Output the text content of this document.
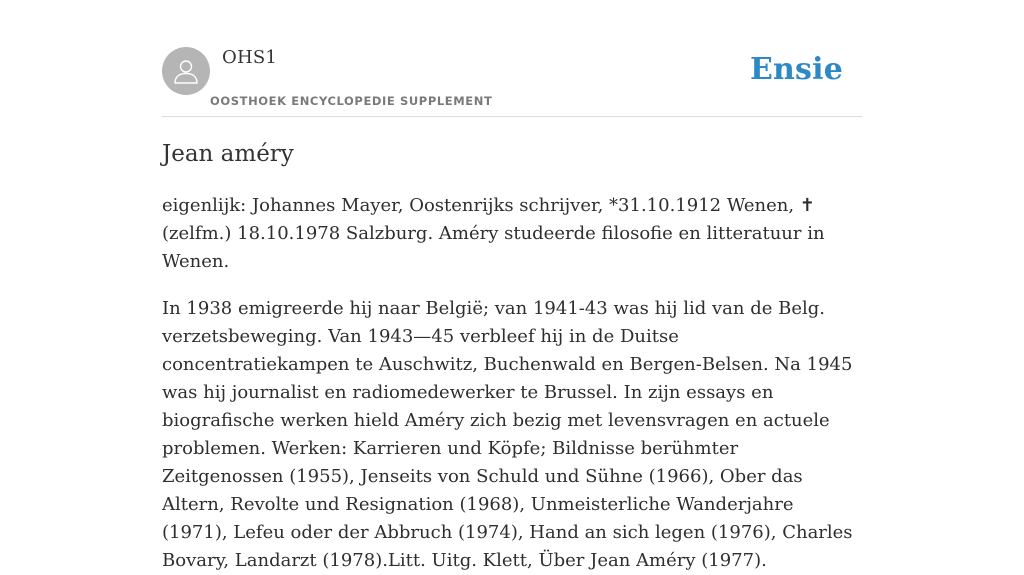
OHS1
OOSTHOEK ENCYCLOPEDIE SUPPLEMENT
Ensie
Jean améry

eigenlijk: Johannes Mayer, Oostenrijks schrijver, *31.10.1912 Wenen, ✝ (zelfm.) 18.10.1978 Salzburg. Améry studeerde filosofie en litteratuur in Wenen.

In 1938 emigreerde hij naar België; van 1941-43 was hij lid van de Belg. verzetsbeweging. Van 1943—45 verbleef hij in de Duitse concentratiekampen te Auschwitz, Buchenwald en Bergen-Belsen. Na 1945 was hij journalist en radiomedewerker te Brussel. In zijn essays en biografische werken hield Améry zich bezig met levensvragen en actuele problemen. Werken: Karrieren und Köpfe; Bildnisse berühmter Zeitgenossen (1955), Jenseits von Schuld und Sühne (1966), Ober das Altern, Revolte und Resignation (1968), Unmeisterliche Wanderjahre (1971), Lefeu oder der Abbruch (1974), Hand an sich legen (1976), Charles Bovary, Landarzt (1978).Litt. Uitg. Klett, Über Jean Améry (1977).
